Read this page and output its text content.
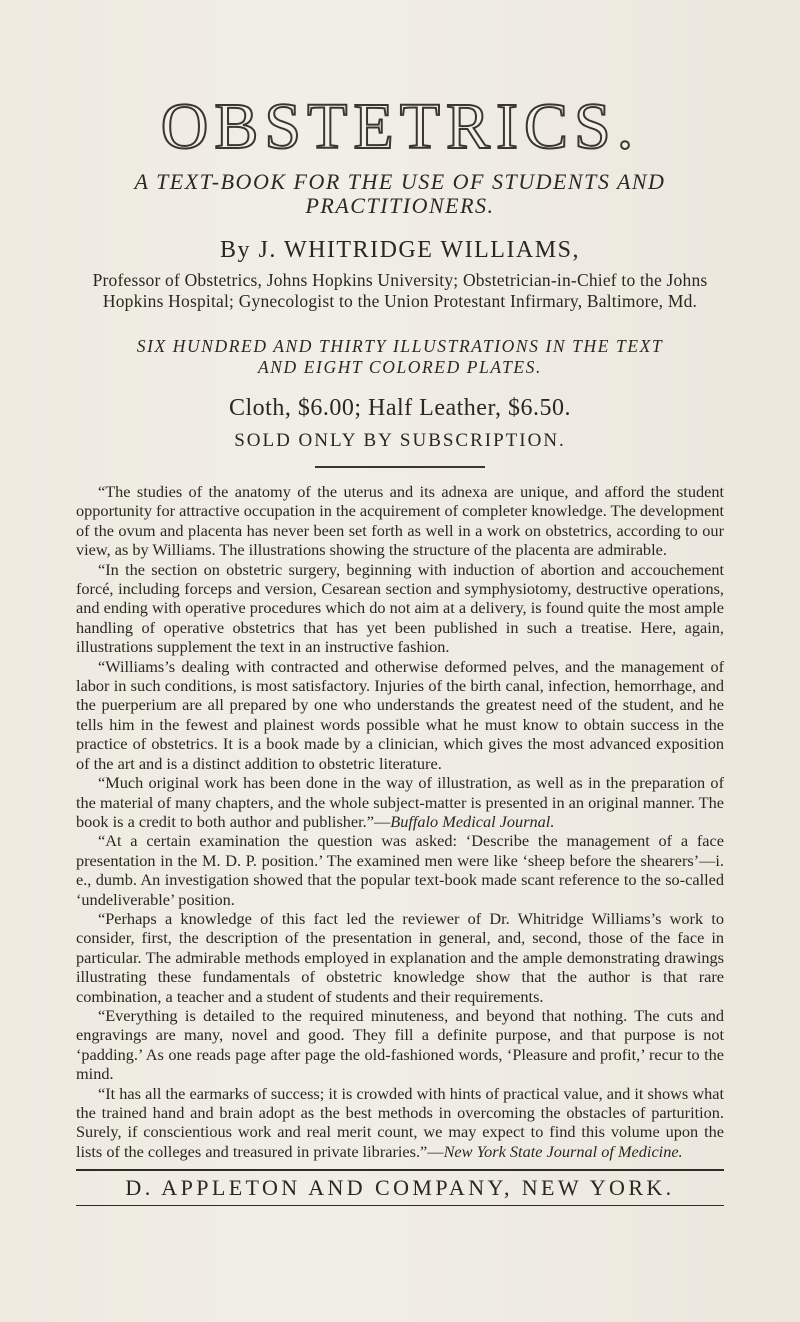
OBSTETRICS.
A TEXT-BOOK FOR THE USE OF STUDENTS AND
PRACTITIONERS.
By J. WHITRIDGE WILLIAMS,
Professor of Obstetrics, Johns Hopkins University; Obstetrician-in-Chief to the Johns Hopkins Hospital; Gynecologist to the Union Protestant Infirmary, Baltimore, Md.
SIX HUNDRED AND THIRTY ILLUSTRATIONS IN THE TEXT
AND EIGHT COLORED PLATES.
Cloth, $6.00; Half Leather, $6.50.
SOLD ONLY BY SUBSCRIPTION.

“The studies of the anatomy of the uterus and its adnexa are unique, and afford the student opportunity for attractive occupation in the acquirement of completer knowledge. The development of the ovum and placenta has never been set forth as well in a work on obstetrics, according to our view, as by Williams. The illustrations showing the structure of the placenta are admirable.

“In the section on obstetric surgery, beginning with induction of abortion and accouchement forcé, including forceps and version, Cesarean section and symphysiotomy, destructive operations, and ending with operative procedures which do not aim at a delivery, is found quite the most ample handling of operative obstetrics that has yet been published in such a treatise. Here, again, illustrations supplement the text in an instructive fashion.

“Williams’s dealing with contracted and otherwise deformed pelves, and the management of labor in such conditions, is most satisfactory. Injuries of the birth canal, infection, hemorrhage, and the puerperium are all prepared by one who understands the greatest need of the student, and he tells him in the fewest and plainest words possible what he must know to obtain success in the practice of obstetrics. It is a book made by a clinician, which gives the most advanced exposition of the art and is a distinct addition to obstetric literature.

“Much original work has been done in the way of illustration, as well as in the preparation of the material of many chapters, and the whole subject-matter is presented in an original manner. The book is a credit to both author and publisher.”—Buffalo Medical Journal.

“At a certain examination the question was asked: ‘Describe the management of a face presentation in the M. D. P. position.’ The examined men were like ‘sheep before the shearers’—i. e., dumb. An investigation showed that the popular text-book made scant reference to the so-called ‘undeliverable’ position.

“Perhaps a knowledge of this fact led the reviewer of Dr. Whitridge Williams’s work to consider, first, the description of the presentation in general, and, second, those of the face in particular. The admirable methods employed in explanation and the ample demonstrating drawings illustrating these fundamentals of obstetric knowledge show that the author is that rare combination, a teacher and a student of students and their requirements.

“Everything is detailed to the required minuteness, and beyond that nothing. The cuts and engravings are many, novel and good. They fill a definite purpose, and that purpose is not ‘padding.’ As one reads page after page the old-fashioned words, ‘Pleasure and profit,’ recur to the mind.

“It has all the earmarks of success; it is crowded with hints of practical value, and it shows what the trained hand and brain adopt as the best methods in overcoming the obstacles of parturition. Surely, if conscientious work and real merit count, we may expect to find this volume upon the lists of the colleges and treasured in private libraries.”—New York State Journal of Medicine.

D. APPLETON AND COMPANY, NEW YORK.
